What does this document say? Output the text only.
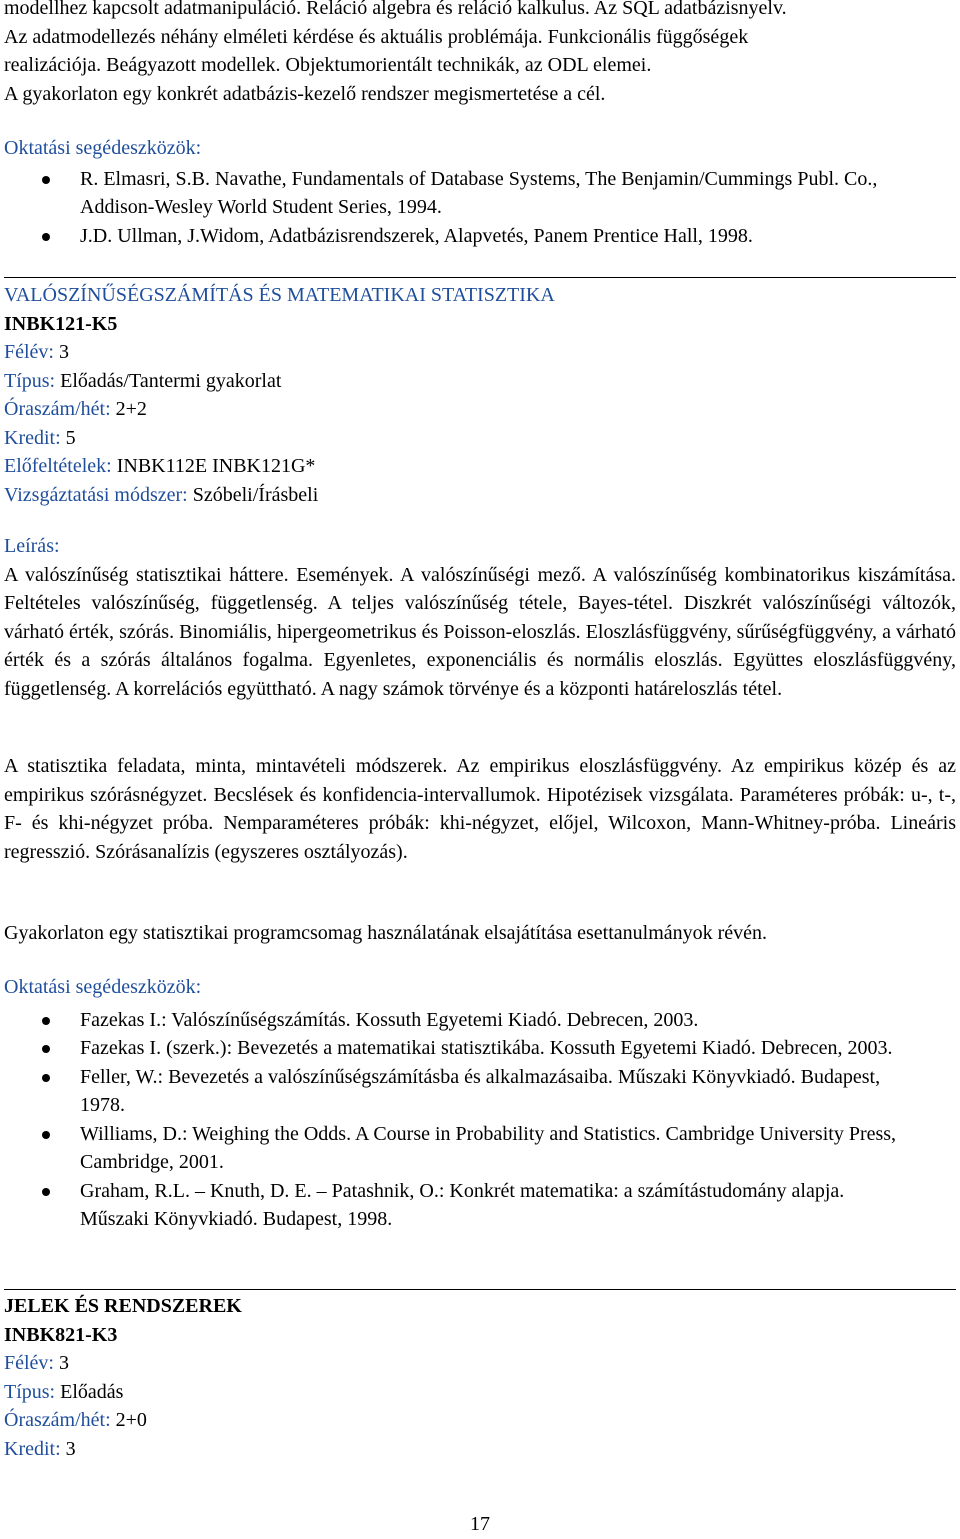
modellhez kapcsolt adatmanipuláció. Reláció algebra és reláció kalkulus. Az SQL adatbázisnyelv.

Az adatmodellezés néhány elméleti kérdése és aktuális problémája. Funkcionális függőségek

realizációja. Beágyazott modellek. Objektumorientált technikák, az ODL elemei.

A gyakorlaton egy konkrét adatbázis-kezelő rendszer megismertetése a cél.

Oktatási segédeszközök:

R. Elmasri, S.B. Navathe, Fundamentals of Database Systems, The Benjamin/Cummings Publ. Co., Addison-Wesley World Student Series, 1994.
J.D. Ullman, J.Widom, Adatbázisrendszerek, Alapvetés, Panem Prentice Hall, 1998.

VALÓSZÍNŰSÉGSZÁMÍTÁS ÉS MATEMATIKAI STATISZTIKA

INBK121-K5

Félév: 3

Típus: Előadás/Tantermi gyakorlat

Óraszám/hét: 2+2

Kredit: 5

Előfeltételek: INBK112E INBK121G*

Vizsgáztatási módszer: Szóbeli/Írásbeli

Leírás:

A valószínűség statisztikai háttere. Események. A valószínűségi mező. A valószínűség kombinatorikus kiszámítása. Feltételes valószínűség, függetlenség. A teljes valószínűség tétele, Bayes-tétel. Diszkrét valószínűségi változók, várható érték, szórás. Binomiális, hipergeometrikus és Poisson-eloszlás. Eloszlásfüggvény, sűrűségfüggvény, a várható érték és a szórás általános fogalma. Egyenletes, exponenciális és normális eloszlás. Együttes eloszlásfüggvény, függetlenség. A korrelációs együttható. A nagy számok törvénye és a központi határeloszlás tétel.

A statisztika feladata, minta, mintavételi módszerek. Az empirikus eloszlásfüggvény. Az empirikus közép és az empirikus szórásnégyzet. Becslések és konfidencia-intervallumok. Hipotézisek vizsgálata. Paraméteres próbák: u-, t-, F- és khi-négyzet próba. Nemparaméteres próbák: khi-négyzet, előjel, Wilcoxon, Mann-Whitney-próba. Lineáris regresszió. Szórásanalízis (egyszeres osztályozás).

Gyakorlaton egy statisztikai programcsomag használatának elsajátítása esettanulmányok révén.

Oktatási segédeszközök:

Fazekas I.: Valószínűségszámítás. Kossuth Egyetemi Kiadó. Debrecen, 2003.
Fazekas I. (szerk.): Bevezetés a matematikai statisztikába. Kossuth Egyetemi Kiadó. Debrecen, 2003.
Feller, W.: Bevezetés a valószínűségszámításba és alkalmazásaiba. Műszaki Könyvkiadó. Budapest, 1978.
Williams, D.: Weighing the Odds. A Course in Probability and Statistics. Cambridge University Press, Cambridge, 2001.
Graham, R.L. – Knuth, D. E. – Patashnik, O.: Konkrét matematika: a számítástudomány alapja. Műszaki Könyvkiadó. Budapest, 1998.

JELEK ÉS RENDSZEREK

INBK821-K3

Félév: 3

Típus: Előadás

Óraszám/hét: 2+0

Kredit: 3

17
